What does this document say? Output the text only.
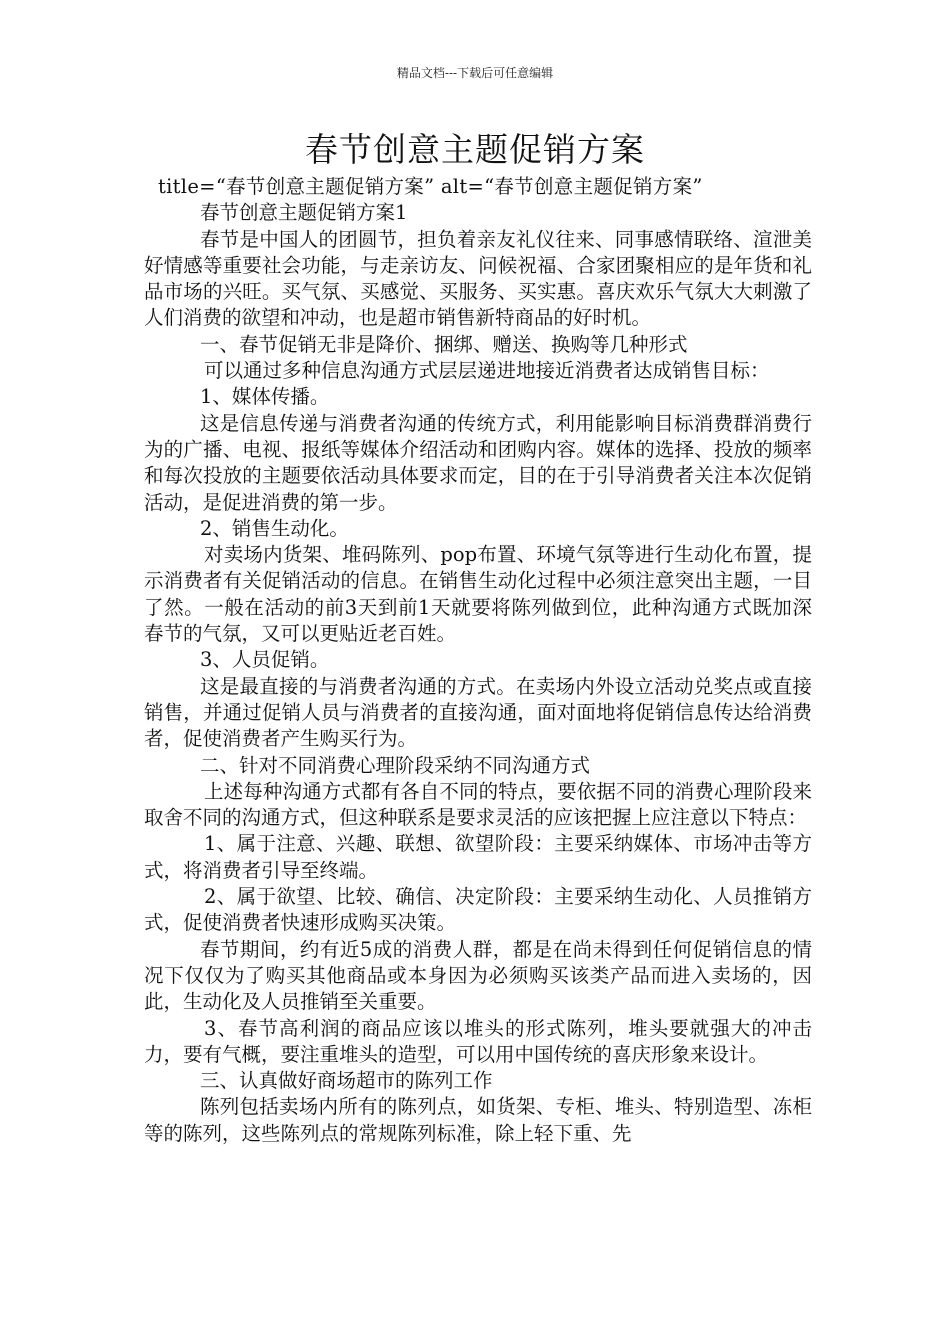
精品文档---下载后可任意编辑
春节创意主题促销方案

title=“春节创意主题促销方案” alt=“春节创意主题促销方案”

春节创意主题促销方案1

春节是中国人的团圆节，担负着亲友礼仪往来、同事感情联络、渲泄美好情感等重要社会功能，与走亲访友、问候祝福、合家团聚相应的是年货和礼品市场的兴旺。买气氛、买感觉、买服务、买实惠。喜庆欢乐气氛大大刺激了人们消费的欲望和冲动，也是超市销售新特商品的好时机。

一、春节促销无非是降价、捆绑、赠送、换购等几种形式

可以通过多种信息沟通方式层层递进地接近消费者达成销售目标：

1、媒体传播。

这是信息传递与消费者沟通的传统方式，利用能影响目标消费群消费行为的广播、电视、报纸等媒体介绍活动和团购内容。媒体的选择、投放的频率和每次投放的主题要依活动具体要求而定，目的在于引导消费者关注本次促销活动，是促进消费的第一步。

2、销售生动化。

对卖场内货架、堆码陈列、pop布置、环境气氛等进行生动化布置，提示消费者有关促销活动的信息。在销售生动化过程中必须注意突出主题，一目了然。一般在活动的前3天到前1天就要将陈列做到位，此种沟通方式既加深春节的气氛，又可以更贴近老百姓。

3、人员促销。

这是最直接的与消费者沟通的方式。在卖场内外设立活动兑奖点或直接销售，并通过促销人员与消费者的直接沟通，面对面地将促销信息传达给消费者，促使消费者产生购买行为。

二、针对不同消费心理阶段采纳不同沟通方式

上述每种沟通方式都有各自不同的特点，要依据不同的消费心理阶段来取舍不同的沟通方式，但这种联系是要求灵活的应该把握上应注意以下特点：

1、属于注意、兴趣、联想、欲望阶段：主要采纳媒体、市场冲击等方式，将消费者引导至终端。

2、属于欲望、比较、确信、决定阶段：主要采纳生动化、人员推销方式，促使消费者快速形成购买决策。

春节期间，约有近5成的消费人群，都是在尚未得到任何促销信息的情况下仅仅为了购买其他商品或本身因为必须购买该类产品而进入卖场的，因此，生动化及人员推销至关重要。

3、春节高利润的商品应该以堆头的形式陈列，堆头要就强大的冲击力，要有气概，要注重堆头的造型，可以用中国传统的喜庆形象来设计。

三、认真做好商场超市的陈列工作

陈列包括卖场内所有的陈列点，如货架、专柜、堆头、特别造型、冻柜等的陈列，这些陈列点的常规陈列标准，除上轻下重、先
